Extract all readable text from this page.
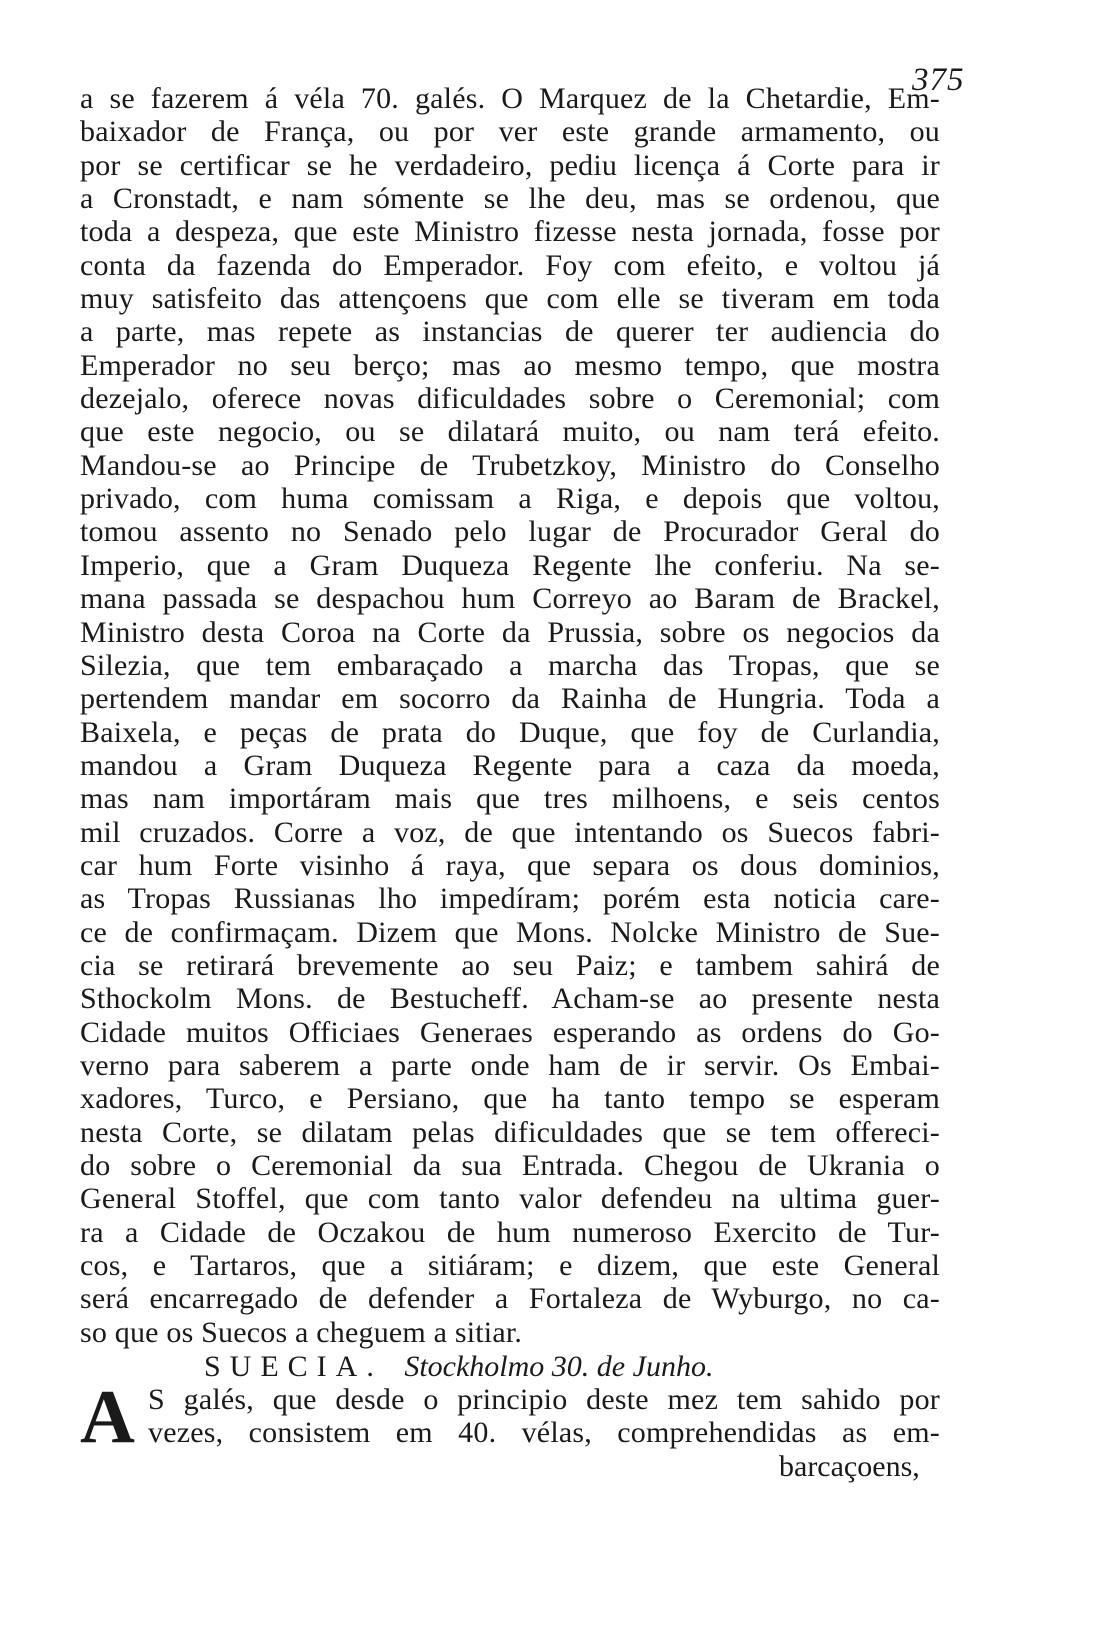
375
a se fazerem á véla 70. galés. O Marquez de la Chetardie, Em-
baixador de França, ou por ver este grande armamento, ou
por se certificar se he verdadeiro, pediu licença á Corte para ir
a Cronstadt, e nam sómente se lhe deu, mas se ordenou, que
toda a despeza, que este Ministro fizesse nesta jornada, fosse por
conta da fazenda do Emperador. Foy com efeito, e voltou já
muy satisfeito das attençoens que com elle se tiveram em toda
a parte, mas repete as instancias de querer ter audiencia do
Emperador no seu berço; mas ao mesmo tempo, que mostra
dezejalo, oferece novas dificuldades sobre o Ceremonial; com
que este negocio, ou se dilatará muito, ou nam terá efeito.
Mandou-se ao Principe de Trubetzkoy, Ministro do Conselho
privado, com huma comissam a Riga, e depois que voltou,
tomou assento no Senado pelo lugar de Procurador Geral do
Imperio, que a Gram Duqueza Regente lhe conferiu. Na se-
mana passada se despachou hum Correyo ao Baram de Brackel,
Ministro desta Coroa na Corte da Prussia, sobre os negocios da
Silezia, que tem embaraçado a marcha das Tropas, que se
pertendem mandar em socorro da Rainha de Hungria. Toda a
Baixela, e peças de prata do Duque, que foy de Curlandia,
mandou a Gram Duqueza Regente para a caza da moeda,
mas nam importáram mais que tres milhoens, e seis centos
mil cruzados. Corre a voz, de que intentando os Suecos fabri-
car hum Forte visinho á raya, que separa os dous dominios,
as Tropas Russianas lho impedíram; porém esta noticia care-
ce de confirmaçam. Dizem que Mons. Nolcke Ministro de Sue-
cia se retirará brevemente ao seu Paiz; e tambem sahirá de
Sthockolm Mons. de Bestucheff. Acham-se ao presente nesta
Cidade muitos Officiaes Generaes esperando as ordens do Go-
verno para saberem a parte onde ham de ir servir. Os Embai-
xadores, Turco, e Persiano, que ha tanto tempo se esperam
nesta Corte, se dilatam pelas dificuldades que se tem offereci-
do sobre o Ceremonial da sua Entrada. Chegou de Ukrania o
General Stoffel, que com tanto valor defendeu na ultima guer-
ra a Cidade de Oczakou de hum numeroso Exercito de Tur-
cos, e Tartaros, que a sitiáram; e dizem, que este General
será encarregado de defender a Fortaleza de Wyburgo, no ca-
so que os Suecos a cheguem a sitiar.
SUECIA. Stockholmo 30. de Junho.
A S galés, que desde o principio deste mez tem sahido por
vezes, consistem em 40. vélas, comprehendidas as em-
barcaçoens,
